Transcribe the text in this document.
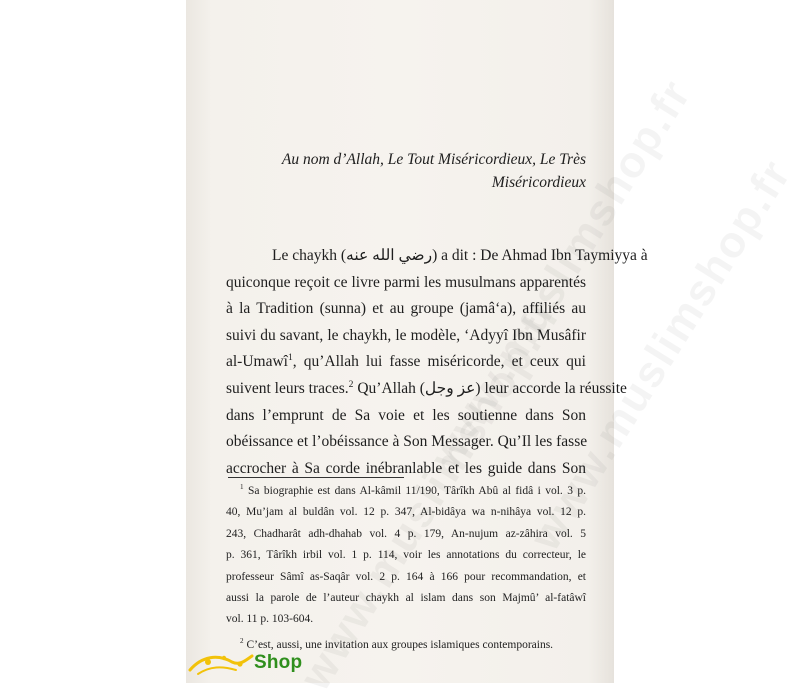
Au nom d’Allah, Le Tout Miséricordieux, Le Très
Miséricordieux
Le chaykh (رضي الله عنه) a dit : De Ahmad Ibn Taymiyya à
quiconque reçoit ce livre parmi les musulmans apparentés
à la Tradition (sunna) et au groupe (jamâ‘a), affiliés au
suivi du savant, le chaykh, le modèle, ‘Adyyî Ibn Musâfir
al-Umawî$^1$, qu’Allah lui fasse miséricorde, et ceux qui
suivent leurs traces.$^2$ Qu’Allah (عز وجل) leur accorde la réussite
dans l’emprunt de Sa voie et les soutienne dans Son
obéissance et l’obéissance à Son Messager. Qu’Il les fasse
accrocher à Sa corde inébranlable et les guide dans Son
$^1$ Sa biographie est dans Al-kâmil 11/190, Târîkh Abû al fidâ i vol. 3 p.
40, Mu’jam al buldân vol. 12 p. 347, Al-bidâya wa n-nihâya vol. 12 p.
243, Chadharât adh-dhahab vol. 4 p. 179, An-nujum az-zâhira vol. 5
p. 361, Târîkh irbil vol. 1 p. 114, voir les annotations du correcteur, le
professeur Sâmî as-Saqâr vol. 2 p. 164 à 166 pour recommandation, et
aussi la parole de l’auteur chaykh al islam dans son Majmû’ al-fatâwî
vol. 11 p. 103-604.
$^2$ C’est, aussi, une invitation aux groupes islamiques contemporains.
Shop
